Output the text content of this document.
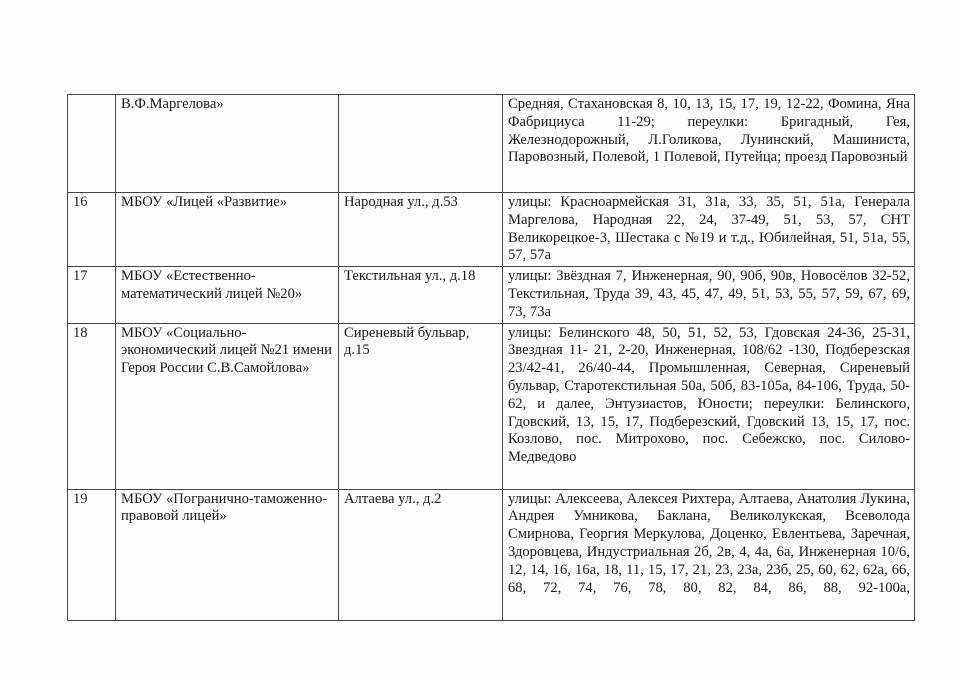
	В.Ф.Маргелова»		Средняя, Стахановская 8, 10, 13, 15, 17, 19, 12-22, Фомина, Яна Фабрициуса 11-29; переулки: Бригадный, Гея, Железнодорожный, Л.Голикова, Лунинский, Машиниста, Паровозный, Полевой, 1 Полевой, Путейца; проезд Паровозный
16	МБОУ «Лицей «Развитие»	Народная ул., д.53	улицы: Красноармейская 31, 31а, 33, 35, 51, 51а, Генерала Маргелова, Народная 22, 24, 37-49, 51, 53, 57, СНТ Великорецкое-3, Шестака с №19 и т.д., Юбилейная, 51, 51а, 55, 57, 57а
17	МБОУ «Естественно-математический лицей №20»	Текстильная ул., д.18	улицы: Звёздная 7, Инженерная, 90, 90б, 90в, Новосёлов 32-52, Текстильная, Труда 39, 43, 45, 47, 49, 51, 53, 55, 57, 59, 67, 69, 73, 73а
18	МБОУ «Социально-экономический лицей №21 имени Героя России С.В.Самойлова»	Сиреневый бульвар, д.15	улицы: Белинского 48, 50, 51, 52, 53, Гдовская 24-36, 25-31, Звездная 11- 21, 2-20, Инженерная, 108/62 -130, Подберезская 23/42-41, 26/40-44, Промышленная, Северная, Сиреневый бульвар, Старотекстильная 50а, 50б, 83-105а, 84-106, Труда, 50-62, и далее, Энтузиастов, Юности; переулки: Белинского, Гдовский, 13, 15, 17, Подберезский, Гдовский 13, 15, 17, пос. Козлово, пос. Митрохово, пос. Себежско, пос. Силово-Медведово
19	МБОУ «Погранично-таможенно-правовой лицей»	Алтаева ул., д.2	улицы: Алексеева, Алексея Рихтера, Алтаева, Анатолия Лукина, Андрея Умникова, Баклана, Великолукская, Всеволода Смирнова, Георгия Меркулова, Доценко, Евлентьева, Заречная, Здоровцева, Индустриальная 2б, 2в, 4, 4а, 6а, Инженерная 10/6, 12, 14, 16, 16а, 18, 11, 15, 17, 21, 23, 23а, 23б, 25, 60, 62, 62а, 66, 68, 72, 74, 76, 78, 80, 82, 84, 86, 88, 92-100а,
